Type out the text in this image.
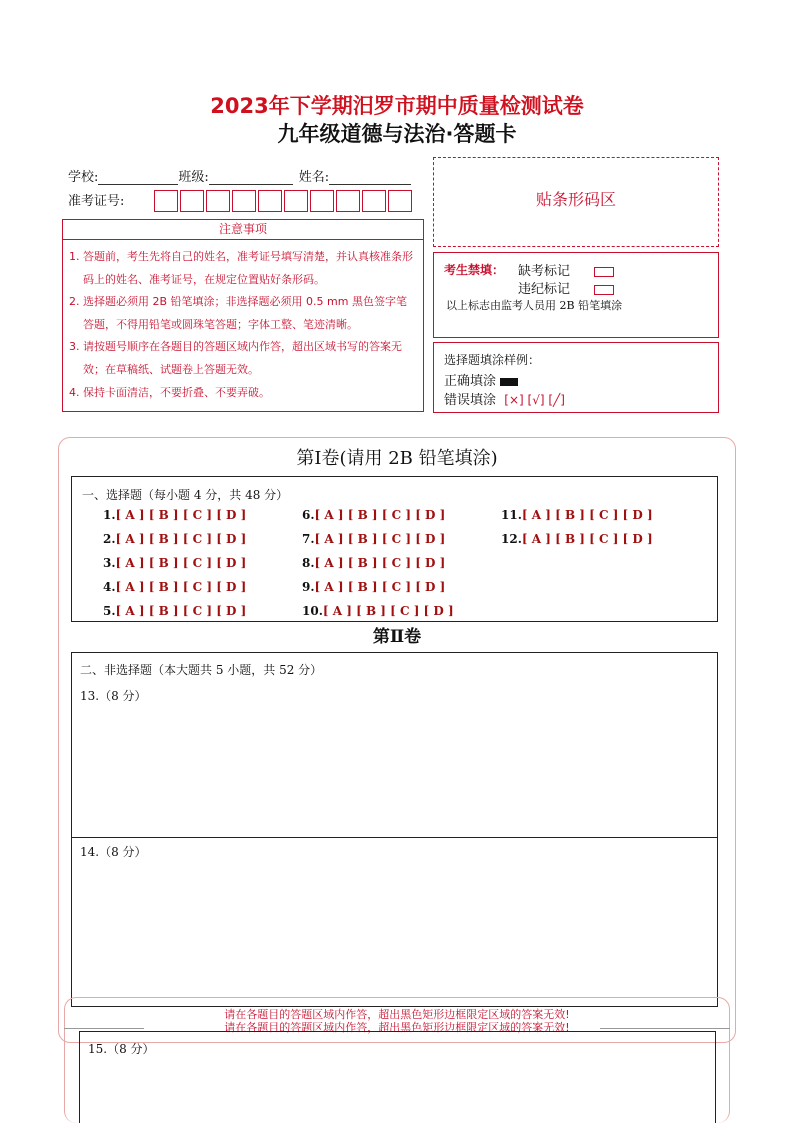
2023年下学期汨罗市期中质量检测试卷
九年级道德与法治·答题卡
学校:	班级:	姓名:
准考证号:
注意事项

1. 答题前，考生先将自己的姓名，准考证号填写清楚，并认真核准条形码上的姓名、准考证号，在规定位置贴好条形码。

2. 选择题必须用 2B 铅笔填涂；非选择题必须用 0.5 mm 黑色签字笔答题，不得用铅笔或圆珠笔答题；字体工整、笔迹清晰。

3. 请按题号顺序在各题目的答题区域内作答，超出区域书写的答案无效；在草稿纸、试题卷上答题无效。

4. 保持卡面清洁，不要折叠、不要弄破。

贴条形码区
考生禁填： 缺考标记
违纪标记
以上标志由监考人员用 2B 铅笔填涂
选择题填涂样例：
正确填涂
错误填涂 [×] [√] [╱]
第Ⅰ卷(请用 2B 铅笔填涂)
一、选择题（每小题 4 分，共 48 分）
1.[ A ] [ B ] [ C ] [ D ]
2.[ A ] [ B ] [ C ] [ D ]
3.[ A ] [ B ] [ C ] [ D ]
4.[ A ] [ B ] [ C ] [ D ]
5.[ A ] [ B ] [ C ] [ D ]
6.[ A ] [ B ] [ C ] [ D ]
7.[ A ] [ B ] [ C ] [ D ]
8.[ A ] [ B ] [ C ] [ D ]
9.[ A ] [ B ] [ C ] [ D ]
10.[ A ] [ B ] [ C ] [ D ]
11.[ A ] [ B ] [ C ] [ D ]
12.[ A ] [ B ] [ C ] [ D ]
第Ⅱ卷
二、非选择题（本大题共 5 小题，共 52 分）
13.（8 分）
14.（8 分）
请在各题目的答题区域内作答，超出黑色矩形边框限定区域的答案无效!
请在各题目的答题区域内作答，超出黑色矩形边框限定区域的答案无效!
15.（8 分）
